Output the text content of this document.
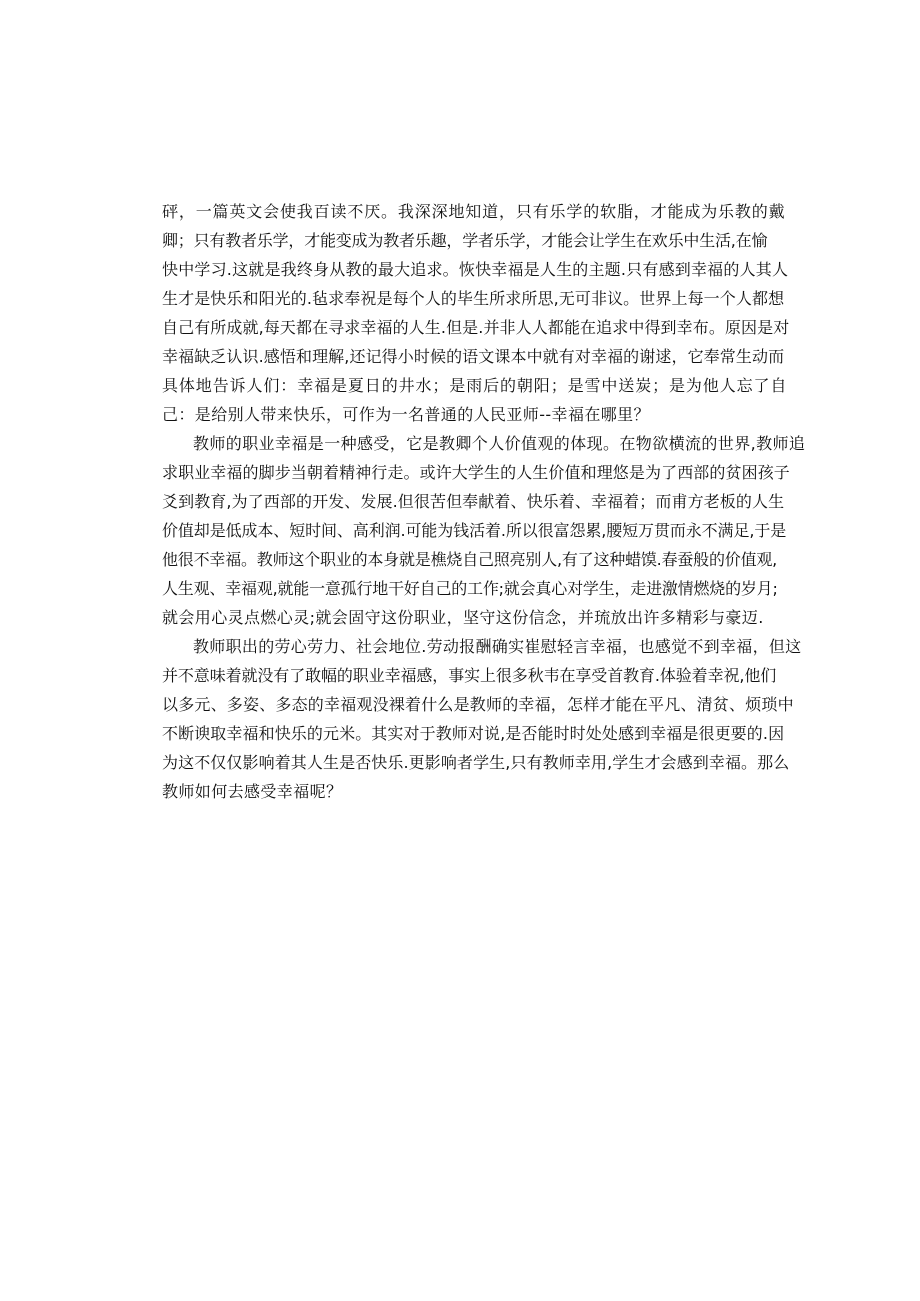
砰，一篇英文会使我百读不厌。我深深地知道，只有乐学的软脂，才能成为乐教的戴
卿；只有教者乐学，才能变成为教者乐趣，学者乐学，才能会让学生在欢乐中生活,在愉
快中学习.这就是我终身从教的最大追求。恢快幸福是人生的主题.只有感到幸福的人其人
生才是快乐和阳光的.毡求奉祝是每个人的毕生所求所思,无可非议。世界上每一个人都想
自己有所成就,每天都在寻求幸福的人生.但是.并非人人都能在追求中得到幸布。原因是对
幸福缺乏认识.感悟和理解,还记得小时候的语文课本中就有对幸福的谢逑，它奉常生动而
具体地告诉人们：幸福是夏日的井水；是雨后的朝阳；是雪中送炭；是为他人忘了自
己：是给别人带来快乐，可作为一名普通的人民亚师--幸福在哪里？
教师的职业幸福是一种感受，它是教卿个人价值观的体现。在物欲横流的世界,教师追
求职业幸福的脚步当朝着精神行走。或许大学生的人生价值和理悠是为了西部的贫困孩子
爻到教育,为了西部的开发、发展.但很苦但奉献着、快乐着、幸福着；而甫方老板的人生
价值却是低成本、短时间、高利润.可能为钱活着.所以很富怨累,腰短万贯而永不满足,于是
他很不幸福。教师这个职业的本身就是樵烧自己照亮别人,有了这种蜡馍.春蚕般的价值观,
人生观、幸福观,就能一意孤行地干好自己的工作;就会真心对学生，走进激情燃烧的岁月;
就会用心灵点燃心灵;就会固守这份职业，坚守这份信念，并琉放出许多精彩与豪迈.
教师职出的劳心劳力、社会地位.劳动报酬确实崔慰轻言幸福，也感觉不到幸福，但这
并不意味着就没有了敢幅的职业幸福感，事实上很多秋韦在享受首教育.体验着幸祝,他们
以多元、多姿、多态的幸福观没裸着什么是教师的幸福，怎样才能在平凡、清贫、烦琐中
不断谀取幸福和快乐的元米。其实对于教师对说,是否能时时处处感到幸福是很更要的.因
为这不仅仅影响着其人生是否快乐.更影响者学生,只有教师幸用,学生才会感到幸福。那么
教师如何去感受幸福呢？
